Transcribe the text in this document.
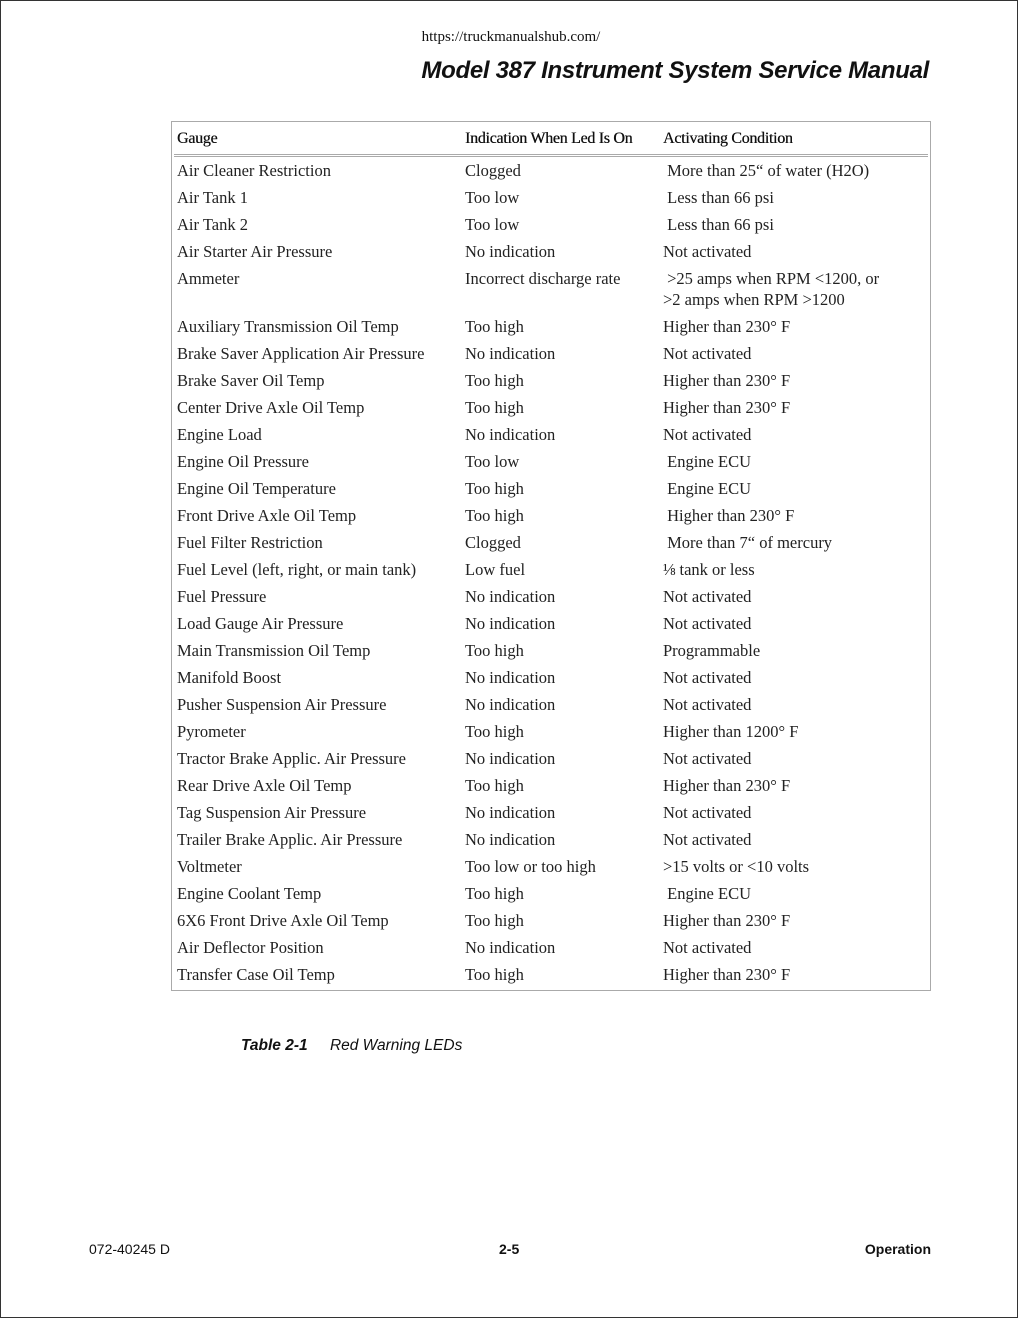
https://truckmanualshub.com/
Model 387 Instrument System Service Manual
Gauge	Indication When Led Is On	Activating Condition
Air Cleaner Restriction	Clogged	More than 25“ of water (H2O)
Air Tank 1	Too low	Less than 66 psi
Air Tank 2	Too low	Less than 66 psi
Air Starter Air Pressure	No indication	Not activated
Ammeter	Incorrect discharge rate	>25 amps when RPM <1200, or
>2 amps when RPM >1200
Auxiliary Transmission Oil Temp	Too high	Higher than 230° F
Brake Saver Application Air Pressure	No indication	Not activated
Brake Saver Oil Temp	Too high	Higher than 230° F
Center Drive Axle Oil Temp	Too high	Higher than 230° F
Engine Load	No indication	Not activated
Engine Oil Pressure	Too low	Engine ECU
Engine Oil Temperature	Too high	Engine ECU
Front Drive Axle Oil Temp	Too high	Higher than 230° F
Fuel Filter Restriction	Clogged	More than 7“ of mercury
Fuel Level (left, right, or main tank)	Low fuel	⅛ tank or less
Fuel Pressure	No indication	Not activated
Load Gauge Air Pressure	No indication	Not activated
Main Transmission Oil Temp	Too high	Programmable
Manifold Boost	No indication	Not activated
Pusher Suspension Air Pressure	No indication	Not activated
Pyrometer	Too high	Higher than 1200° F
Tractor Brake Applic. Air Pressure	No indication	Not activated
Rear Drive Axle Oil Temp	Too high	Higher than 230° F
Tag Suspension Air Pressure	No indication	Not activated
Trailer Brake Applic. Air Pressure	No indication	Not activated
Voltmeter	Too low or too high	>15 volts or <10 volts
Engine Coolant Temp	Too high	Engine ECU
6X6 Front Drive Axle Oil Temp	Too high	Higher than 230° F
Air Deflector Position	No indication	Not activated
Transfer Case Oil Temp	Too high	Higher than 230° F
Table 2-1 Red Warning LEDs
072-40245 D	2-5	Operation
